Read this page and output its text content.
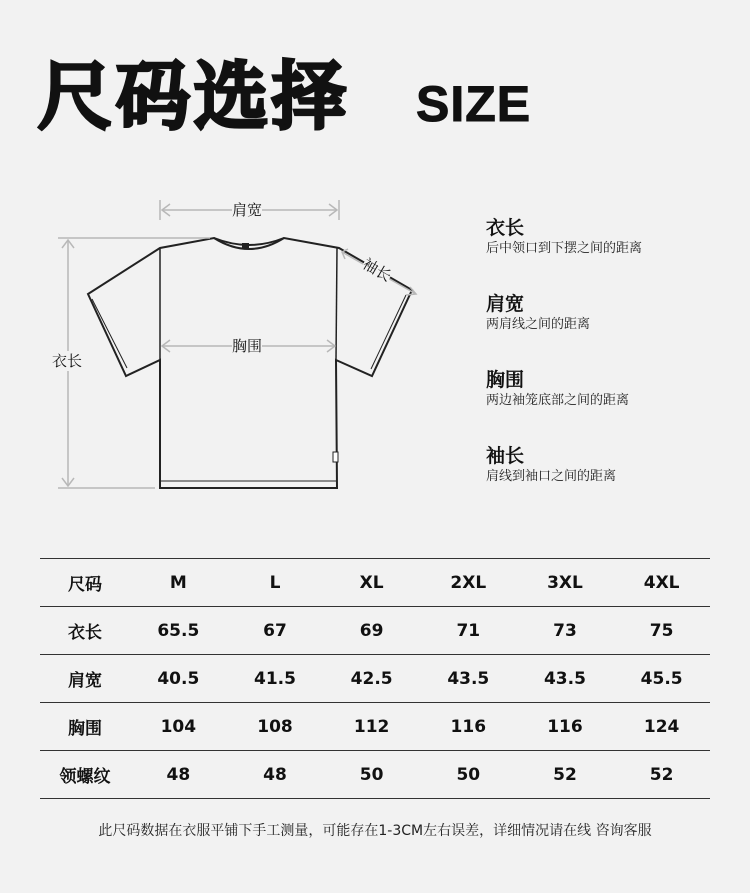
尺码选择 SIZE
肩宽
胸围
衣长
袖长
衣长
后中领口到下摆之间的距离
肩宽
两肩线之间的距离
胸围
两边袖笼底部之间的距离
袖长
肩线到袖口之间的距离
尺码	M	L	XL	2XL	3XL	4XL
衣长	65.5	67	69	71	73	75
肩宽	40.5	41.5	42.5	43.5	43.5	45.5
胸围	104	108	112	116	116	124
领螺纹	48	48	50	50	52	52
此尺码数据在衣服平铺下手工测量，可能存在1-3CM左右误差，详细情况请在线 咨询客服
